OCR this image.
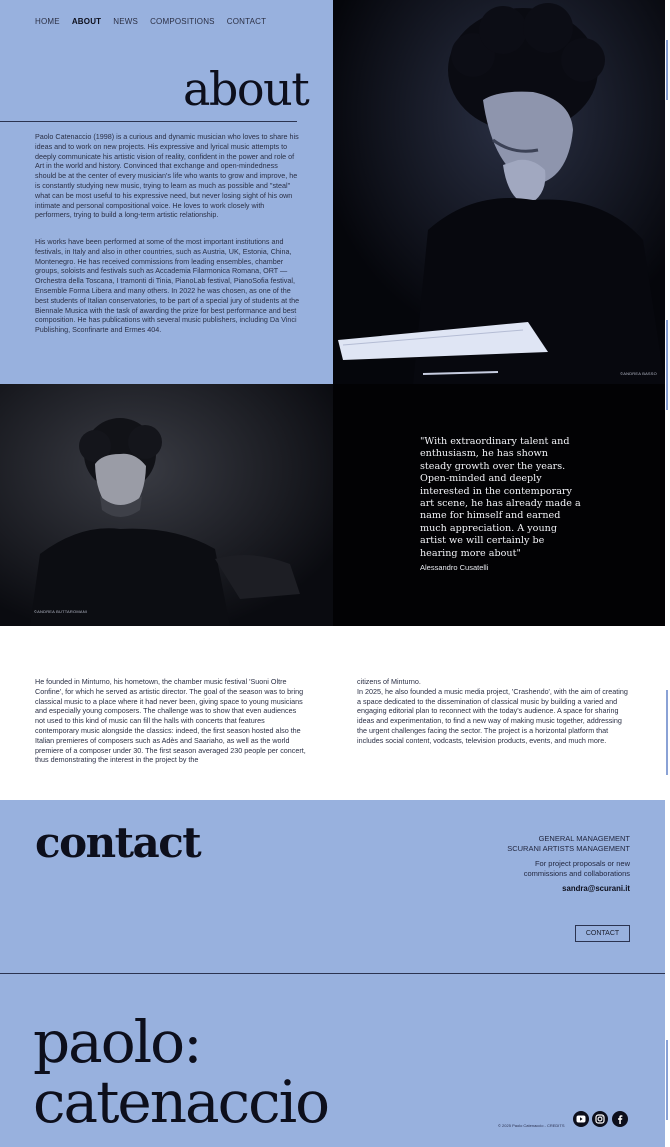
HOME ABOUT NEWS COMPOSITIONS CONTACT
about

Paolo Catenaccio (1998) is a curious and dynamic musician who loves to share his ideas and to work on new projects. His expressive and lyrical music attempts to deeply communicate his artistic vision of reality, confident in the power and role of Art in the world and history. Convinced that exchange and open-mindedness should be at the center of every musician's life who wants to grow and improve, he is constantly studying new music, trying to learn as much as possible and "steal" what can be most useful to his expressive need, but never losing sight of his own intimate and personal compositional voice. He loves to work closely with performers, trying to build a long-term artistic relationship.

His works have been performed at some of the most important institutions and festivals, in Italy and also in other countries, such as Austria, UK, Estonia, China, Montenegro. He has received commissions from leading ensembles, chamber groups, soloists and festivals such as Accademia Filarmonica Romana, ORT — Orchestra della Toscana, I tramonti di Tinia, PianoLab festival, PianoSofia festival, Ensemble Forma Libera and many others. In 2022 he was chosen, as one of the best students of Italian conservatories, to be part of a special jury of students at the Biennale Musica with the task of awarding the prize for best performance and best composition. He has publications with several music publishers, including Da Vinci Publishing, Sconfinarte and Ermes 404.

©ANDREA BASSO
©ANDREA BUTTAROMANI
"With extraordinary talent and enthusiasm, he has shown steady growth over the years. Open-minded and deeply interested in the contemporary art scene, he has already made a name for himself and earned much appreciation. A young artist we will certainly be hearing more about"
Alessandro Cusatelli

He founded in Minturno, his hometown, the chamber music festival 'Suoni Oltre Confine', for which he served as artistic director. The goal of the season was to bring classical music to a place where it had never been, giving space to young musicians and especially young composers. The challenge was to show that even audiences not used to this kind of music can fill the halls with concerts that features contemporary music alongside the classics: indeed, the first season hosted also the Italian premieres of composers such as Adès and Saariaho, as well as the world premiere of a composer under 30. The first season averaged 230 people per concert, thus demonstrating the interest in the project by the

citizens of Minturno.
In 2025, he also founded a music media project, 'Crashendo', with the aim of creating a space dedicated to the dissemination of classical music by building a varied and engaging editorial plan to reconnect with the today's audience. A space for sharing ideas and experimentation, to find a new way of making music together, addressing the urgent challenges facing the sector. The project is a horizontal platform that includes social content, vodcasts, television products, events, and much more.
contact	GENERAL MANAGEMENT
SCURANI ARTISTS MANAGEMENT
For project proposals or new commissions and collaborations
sandra@scurani.it
CONTACT
paolo:
catenaccio	© 2025 Paolo Catenaccio - CREDITS
